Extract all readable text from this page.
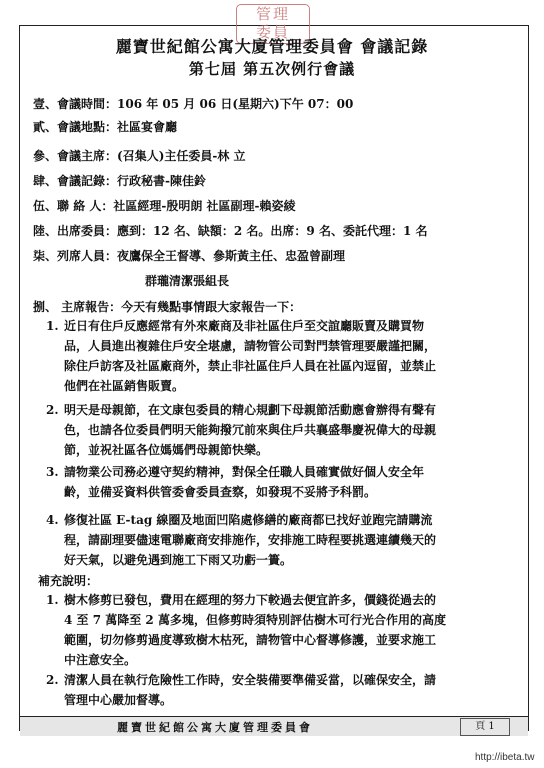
管理
委員
麗寶世紀館公寓大廈管理委員會 會議記錄
第七屆 第五次例行會議
壹、會議時間：106 年 05 月 06 日(星期六)下午 07：00
貳、會議地點：社區宴會廳
參、會議主席：(召集人)主任委員-林 立
肆、會議記錄：行政秘書-陳佳鈴
伍、聯 絡 人：社區經理-殷明朗 社區副理-賴姿綾
陸、出席委員：應到：12 名、缺額：2 名。出席：9 名、委託代理：1 名
柒、列席人員：夜鷹保全王督導、參斯黃主任、忠盈曾副理
群瓏清潔張組長
捌、 主席報告：今天有幾點事情跟大家報告一下：
1. 近日有住戶反應經常有外來廠商及非社區住戶至交誼廳販賣及購買物
品，人員進出複雜住戶安全堪慮，請物管公司對門禁管理要嚴謹把關，
除住戶訪客及社區廠商外，禁止非社區住戶人員在社區內逗留，並禁止
他們在社區銷售販賣。
2. 明天是母親節，在文康包委員的精心規劃下母親節活動應會辦得有聲有
色，也請各位委員們明天能夠撥冗前來與住戶共襄盛舉慶祝偉大的母親
節，並祝社區各位媽媽們母親節快樂。
3. 請物業公司務必遵守契約精神，對保全任職人員確實做好個人安全年
齡，並備妥資料供管委會委員查察，如發現不妥將予科罰。
4. 修復社區 E-tag 線圈及地面凹陷處修繕的廠商都已找好並跑完請購流
程，請副理要儘速電聯廠商安排施作，安排施工時程要挑選連續幾天的
好天氣，以避免遇到施工下雨又功虧一簣。
補充說明：
1. 樹木修剪已發包，費用在經理的努力下較過去便宜許多，價錢從過去的
4 至 7 萬降至 2 萬多塊，但修剪時須特別評估樹木可行光合作用的高度
範圍，切勿修剪過度導致樹木枯死，請物管中心督導修護，並要求施工
中注意安全。
2. 清潔人員在執行危險性工作時，安全裝備要準備妥當，以確保安全，請
管理中心嚴加督導。
麗寶世紀館公寓大廈管理委員會	頁 1
http://ibeta.tw
